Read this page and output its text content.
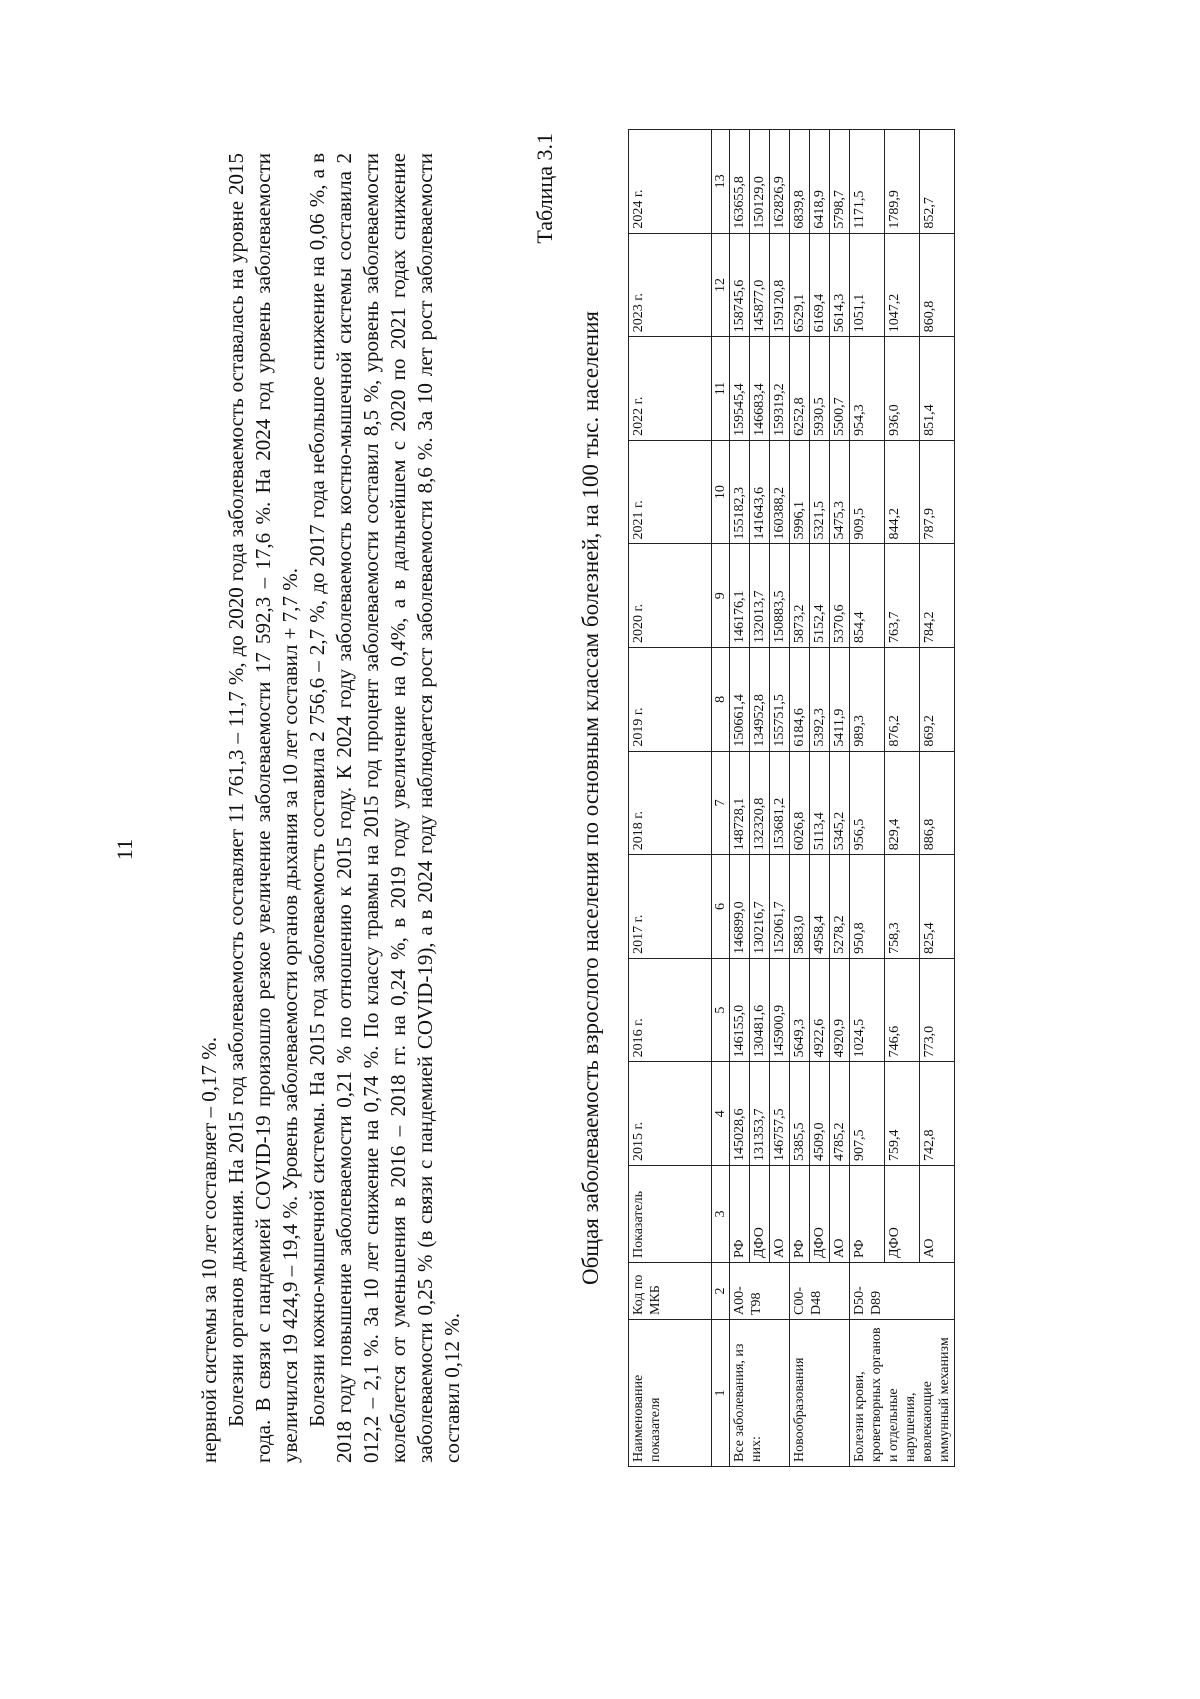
11

нервной системы за 10 лет составляет – 0,17 %. Болезни органов дыхания. На 2015 год заболеваемость составляет 11 761,3 – 11,7 %, до 2020 года заболеваемость оставалась на уровне 2015 года. В связи с пандемией COVID-19 произошло резкое увеличение заболеваемости 17 592,3 – 17,6 %. На 2024 год уровень заболеваемости увеличился 19 424,9 – 19,4 %. Уровень заболеваемости органов дыхания за 10 лет составил + 7,7 %. Болезни кожно-мышечной системы. На 2015 год заболеваемость составила 2 756,6 – 2,7 %, до 2017 года небольшое снижение на 0,06 %, а в 2018 году повышение заболеваемости 0,21 % по отношению к 2015 году. К 2024 году заболеваемость костно-мышечной системы составила 2 012,2 – 2,1 %. За 10 лет снижение на 0,74 %. По классу травмы на 2015 год процент заболеваемости составил 8,5 %, уровень заболеваемости колеблется от уменьшения в 2016 – 2018 гг. на 0,24 %, в 2019 году увеличение на 0,4%, а в дальнейшем с 2020 по 2021 годах снижение заболеваемости 0,25 % (в связи с пандемией COVID-19), а в 2024 году наблюдается рост заболеваемости 8,6 %. За 10 лет рост заболеваемости составил 0,12 %.

Таблица 3.1
Общая заболеваемость взрослого населения по основным классам болезней, на 100 тыс. населения
Наименование показателя	Код по МКБ	Показатель	2015 г.	2016 г.	2017 г.	2018 г.	2019 г.	2020 г.	2021 г.	2022 г.	2023 г.	2024 г.
1	2	3	4	5	6	7	8	9	10	11	12	13
Все заболевания, из них:	A00-T98	РФ	145028,6	146155,0	146899,0	148728,1	150661,4	146176,1	155182,3	159545,4	158745,6	163655,8
		ДФО	131353,7	130481,6	130216,7	132320,8	134952,8	132013,7	141643,6	146683,4	145877,0	150129,0
		АО	146757,5	145900,9	152061,7	153681,2	155751,5	150883,5	160388,2	159319,2	159120,8	162826,9
Новообразования	C00-D48	РФ	5385,5	5649,3	5883,0	6026,8	6184,6	5873,2	5996,1	6252,8	6529,1	6839,8
		ДФО	4509,0	4922,6	4958,4	5113,4	5392,3	5152,4	5321,5	5930,5	6169,4	6418,9
		АО	4785,2	4920,9	5278,2	5345,2	5411,9	5370,6	5475,3	5500,7	5614,3	5798,7
Болезни крови, кроветворных органов и отдельные нарушения, вовлекающие иммунный механизм	D50-D89	РФ	907,5	1024,5	950,8	956,5	989,3	854,4	909,5	954,3	1051,1	1171,5
		ДФО	759,4	746,6	758,3	829,4	876,2	763,7	844,2	936,0	1047,2	1789,9
		АО	742,8	773,0	825,4	886,8	869,2	784,2	787,9	851,4	860,8	852,7
